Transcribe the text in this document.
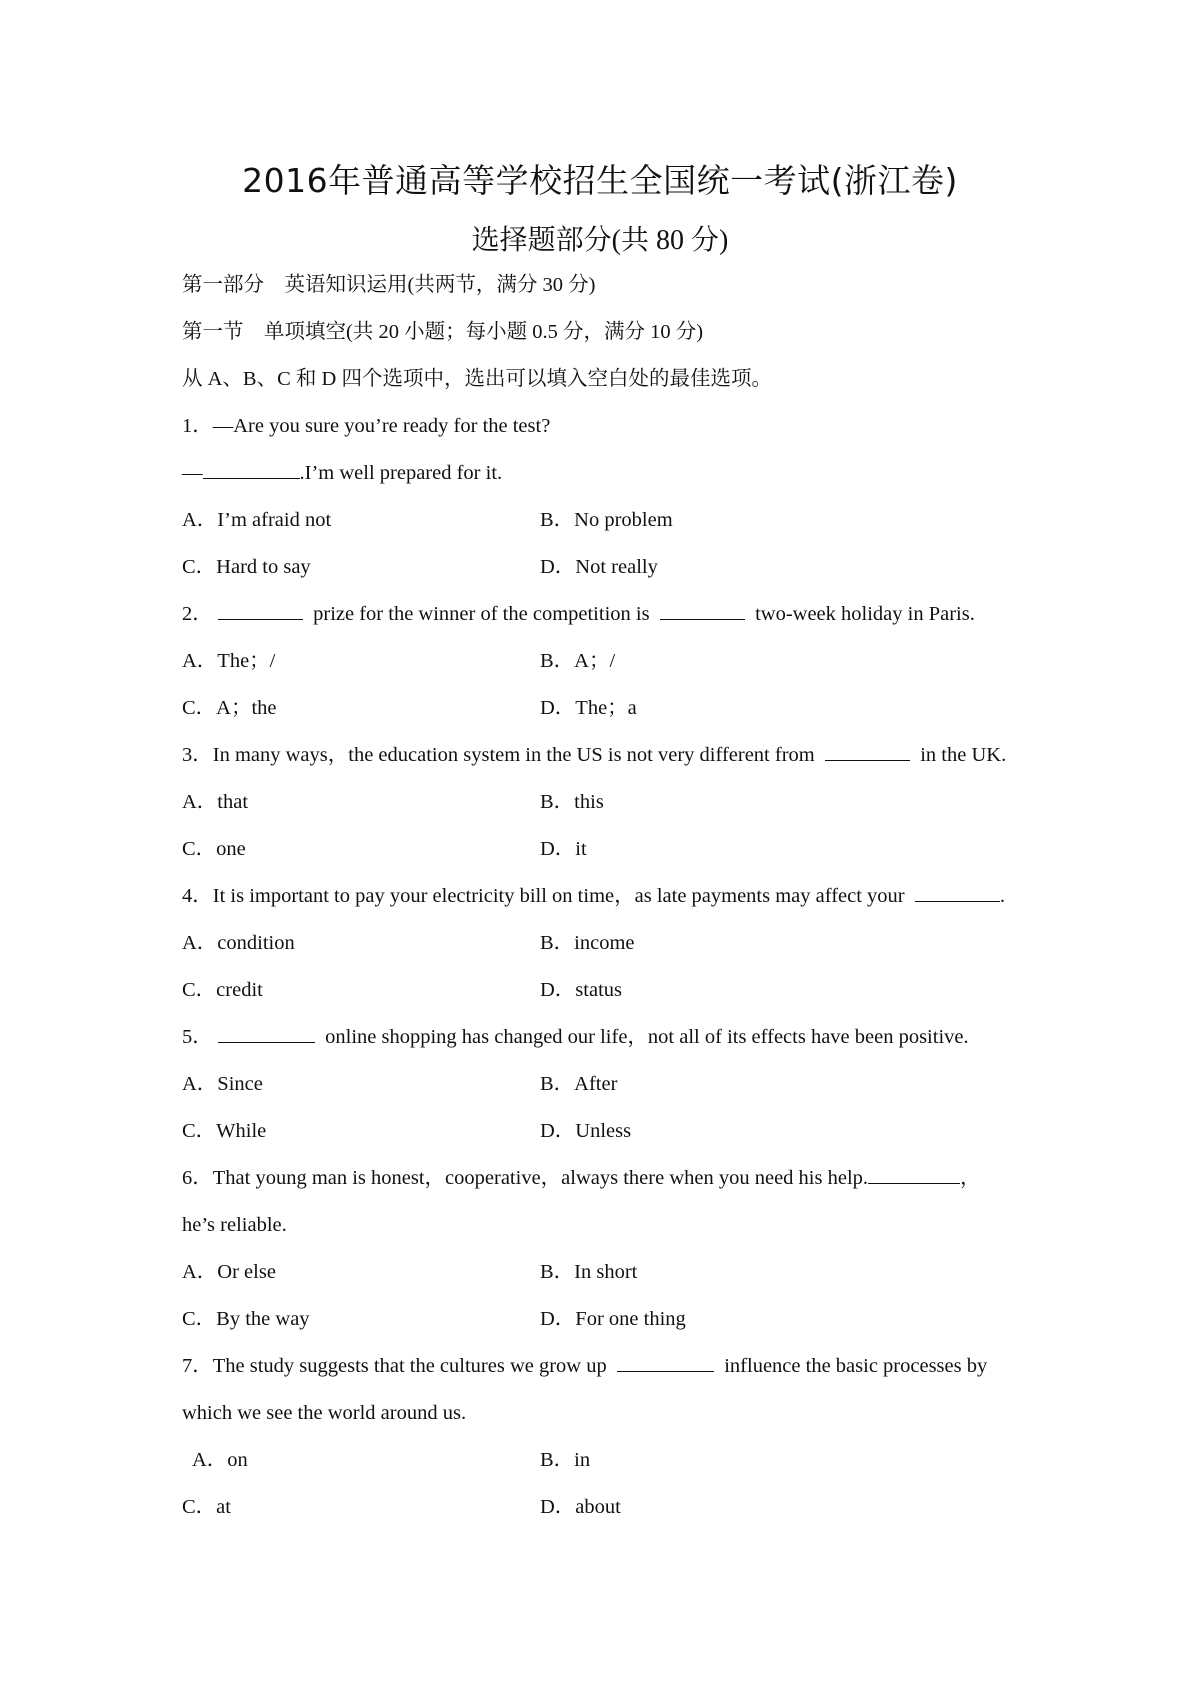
2016年普通高等学校招生全国统一考试(浙江卷)
选择题部分(共 80 分)
第一部分　英语知识运用(共两节，满分 30 分)
第一节　单项填空(共 20 小题；每小题 0.5 分，满分 10 分)
从 A、B、C 和 D 四个选项中，选出可以填入空白处的最佳选项。
1．—Are you sure you’re ready for the test?
—	.I’m well prepared for it.
A．I’m afraid not	B．No problem
C．Hard to say	D．Not really
2．	prize for the winner of the competition is	two-week holiday in Paris.
A．The；/	B．A；/
C．A；the	D．The；a
3．In many ways，the education system in the US is not very different from	in the UK.
A．that	B．this
C．one	D．it
4．It is important to pay your electricity bill on time，as late payments may affect your	.
A．condition	B．income
C．credit	D．status
5．	online shopping has changed our life，not all of its effects have been positive.
A．Since	B．After
C．While	D．Unless
6．That young man is honest，cooperative，always there when you need his help.	，
he’s reliable.
A．Or else	B．In short
C．By the way	D．For one thing
7．The study suggests that the cultures we grow up	influence the basic processes by
which we see the world around us.
A．on	B．in
C．at	D．about
